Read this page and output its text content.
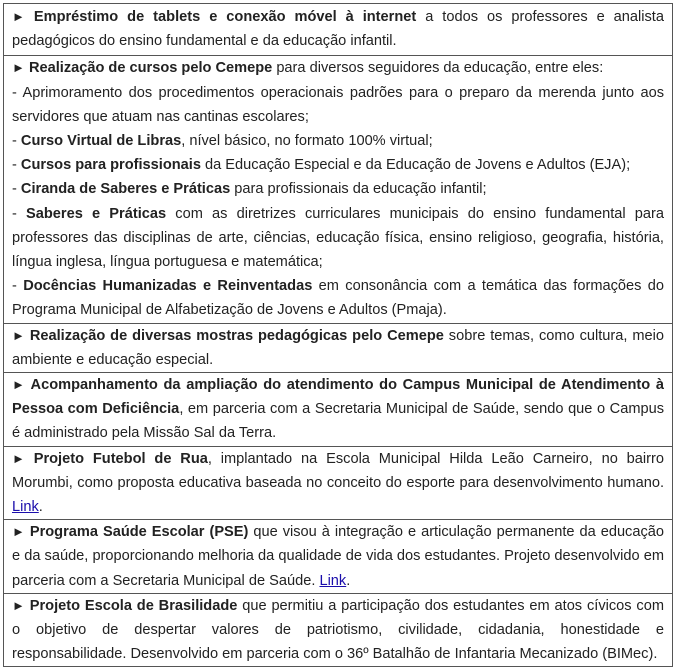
► Empréstimo de tablets e conexão móvel à internet a todos os professores e analista pedagógicos do ensino fundamental e da educação infantil.

► Realização de cursos pelo Cemepe para diversos seguidores da educação, entre eles:
- Aprimoramento dos procedimentos operacionais padrões para o preparo da merenda junto aos servidores que atuam nas cantinas escolares;
- Curso Virtual de Libras, nível básico, no formato 100% virtual;
- Cursos para profissionais da Educação Especial e da Educação de Jovens e Adultos (EJA);
- Ciranda de Saberes e Práticas para profissionais da educação infantil;
- Saberes e Práticas com as diretrizes curriculares municipais do ensino fundamental para professores das disciplinas de arte, ciências, educação física, ensino religioso, geografia, história, língua inglesa, língua portuguesa e matemática;
- Docências Humanizadas e Reinventadas em consonância com a temática das formações do Programa Municipal de Alfabetização de Jovens e Adultos (Pmaja).

► Realização de diversas mostras pedagógicas pelo Cemepe sobre temas, como cultura, meio ambiente e educação especial.
► Acompanhamento da ampliação do atendimento do Campus Municipal de Atendimento à Pessoa com Deficiência, em parceria com a Secretaria Municipal de Saúde, sendo que o Campus é administrado pela Missão Sal da Terra.
► Projeto Futebol de Rua, implantado na Escola Municipal Hilda Leão Carneiro, no bairro Morumbi, como proposta educativa baseada no conceito do esporte para desenvolvimento humano. Link.
► Programa Saúde Escolar (PSE) que visou à integração e articulação permanente da educação e da saúde, proporcionando melhoria da qualidade de vida dos estudantes. Projeto desenvolvido em parceria com a Secretaria Municipal de Saúde. Link.
► Projeto Escola de Brasilidade que permitiu a participação dos estudantes em atos cívicos com o objetivo de despertar valores de patriotismo, civilidade, cidadania, honestidade e responsabilidade. Desenvolvido em parceria com o 36º Batalhão de Infantaria Mecanizado (BIMec).
